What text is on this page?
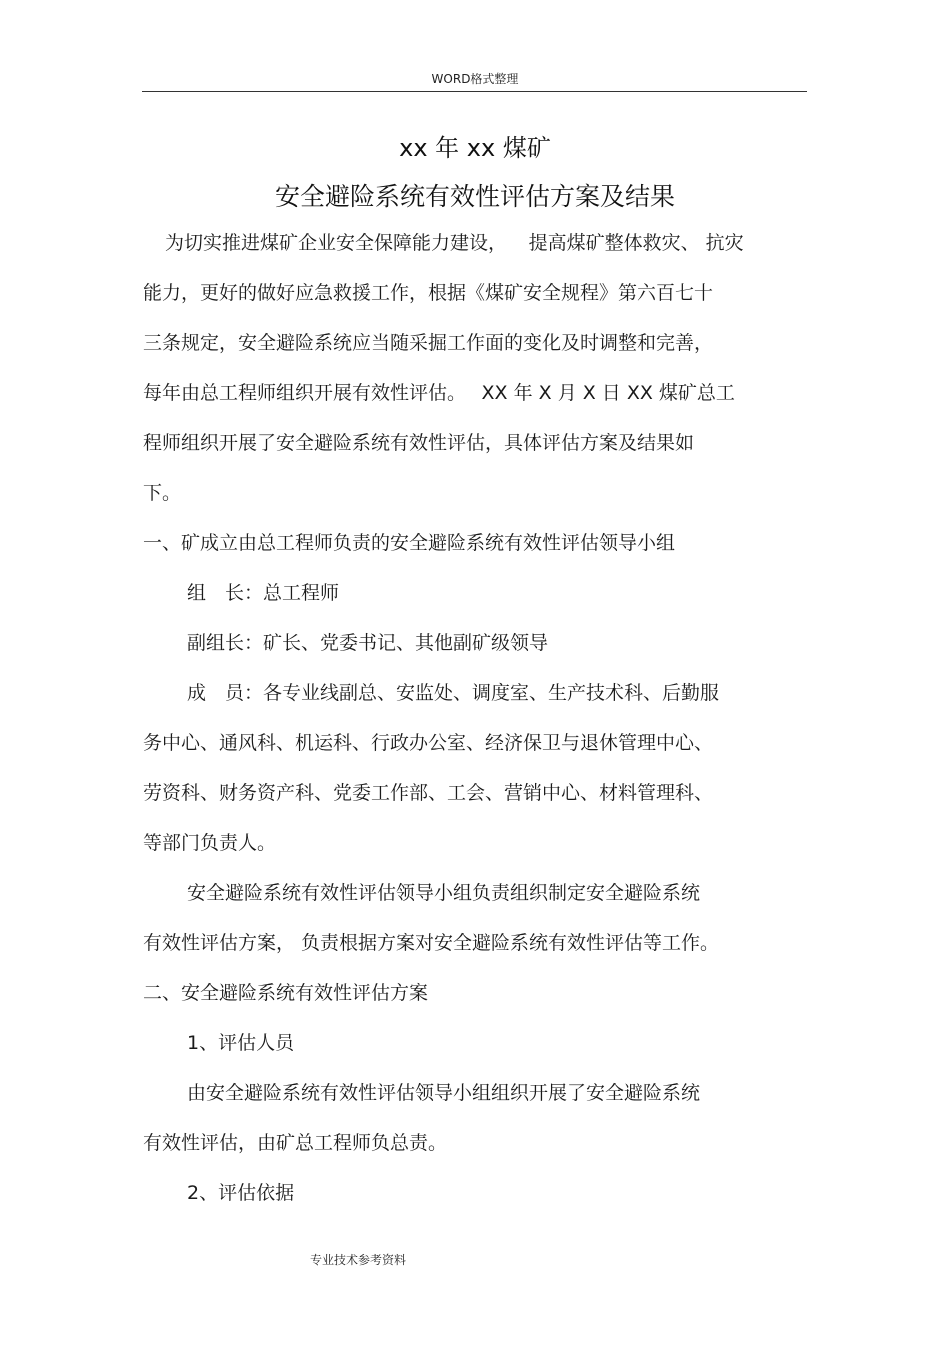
WORD格式整理
xx 年 xx 煤矿
安全避险系统有效性评估方案及结果
为切实推进煤矿企业安全保障能力建设，　  提高煤矿整体救灾、 抗灾
能力，更好的做好应急救援工作，根据《煤矿安全规程》第六百七十
三条规定，安全避险系统应当随采掘工作面的变化及时调整和完善，
每年由总工程师组织开展有效性评估。　 XX 年 X 月 X 日 XX 煤矿总工
程师组织开展了安全避险系统有效性评估，具体评估方案及结果如
下。
一、矿成立由总工程师负责的安全避险系统有效性评估领导小组
组　长：总工程师
副组长：矿长、党委书记、其他副矿级领导
成　员：各专业线副总、安监处、调度室、生产技术科、后勤服
务中心、通风科、机运科、行政办公室、经济保卫与退休管理中心、
劳资科、财务资产科、党委工作部、工会、营销中心、材料管理科、
等部门负责人。
安全避险系统有效性评估领导小组负责组织制定安全避险系统
有效性评估方案， 负责根据方案对安全避险系统有效性评估等工作。
二、安全避险系统有效性评估方案
1、评估人员
由安全避险系统有效性评估领导小组组织开展了安全避险系统
有效性评估，由矿总工程师负总责。
2、评估依据
专业技术参考资料
